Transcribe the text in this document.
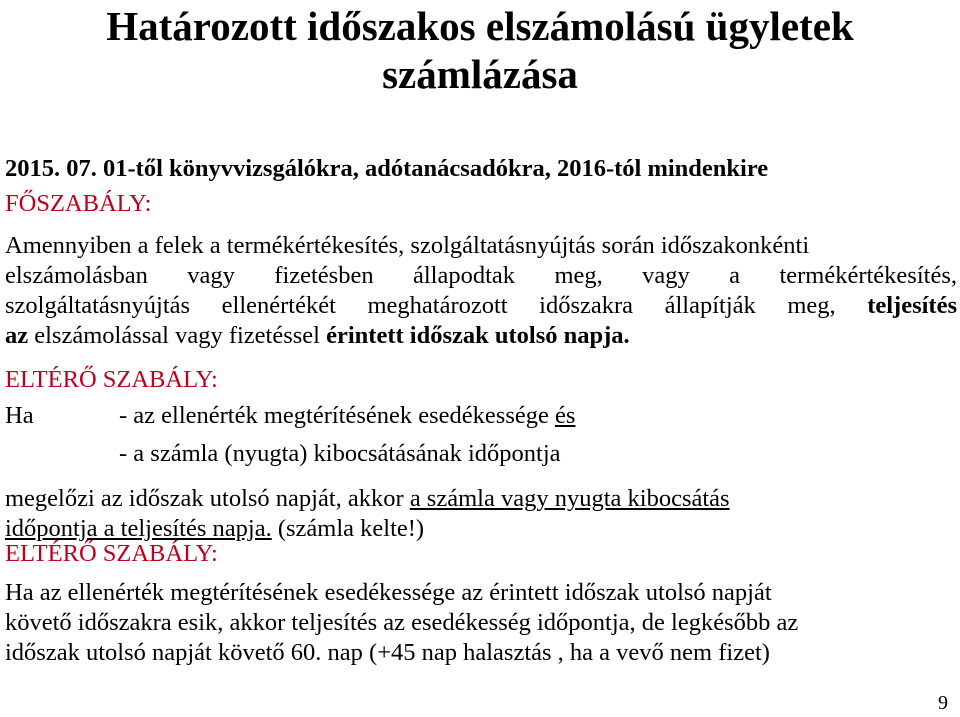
Határozott időszakos elszámolású ügyletek
számlázása
2015. 07. 01-től könyvvizsgálókra, adótanácsadókra, 2016-tól mindenkire
FŐSZABÁLY:
Amennyiben a felek a termékértékesítés, szolgáltatásnyújtás során időszakonkénti
elszámolásban vagy fizetésben állapodtak meg, vagy a termékértékesítés,
szolgáltatásnyújtás ellenértékét meghatározott időszakra állapítják meg, teljesítés
az elszámolással vagy fizetéssel érintett időszak utolsó napja.
ELTÉRŐ SZABÁLY:
Ha	- az ellenérték megtérítésének esedékessége és
- a számla (nyugta) kibocsátásának időpontja
megelőzi az időszak utolsó napját, akkor a számla vagy nyugta kibocsátás
időpontja a teljesítés napja. (számla kelte!)
ELTÉRŐ SZABÁLY:
Ha az ellenérték megtérítésének esedékessége az érintett időszak utolsó napját
követő időszakra esik, akkor teljesítés az esedékesség időpontja, de legkésőbb az
időszak utolsó napját követő 60. nap (+45 nap halasztás , ha a vevő nem fizet)
9
